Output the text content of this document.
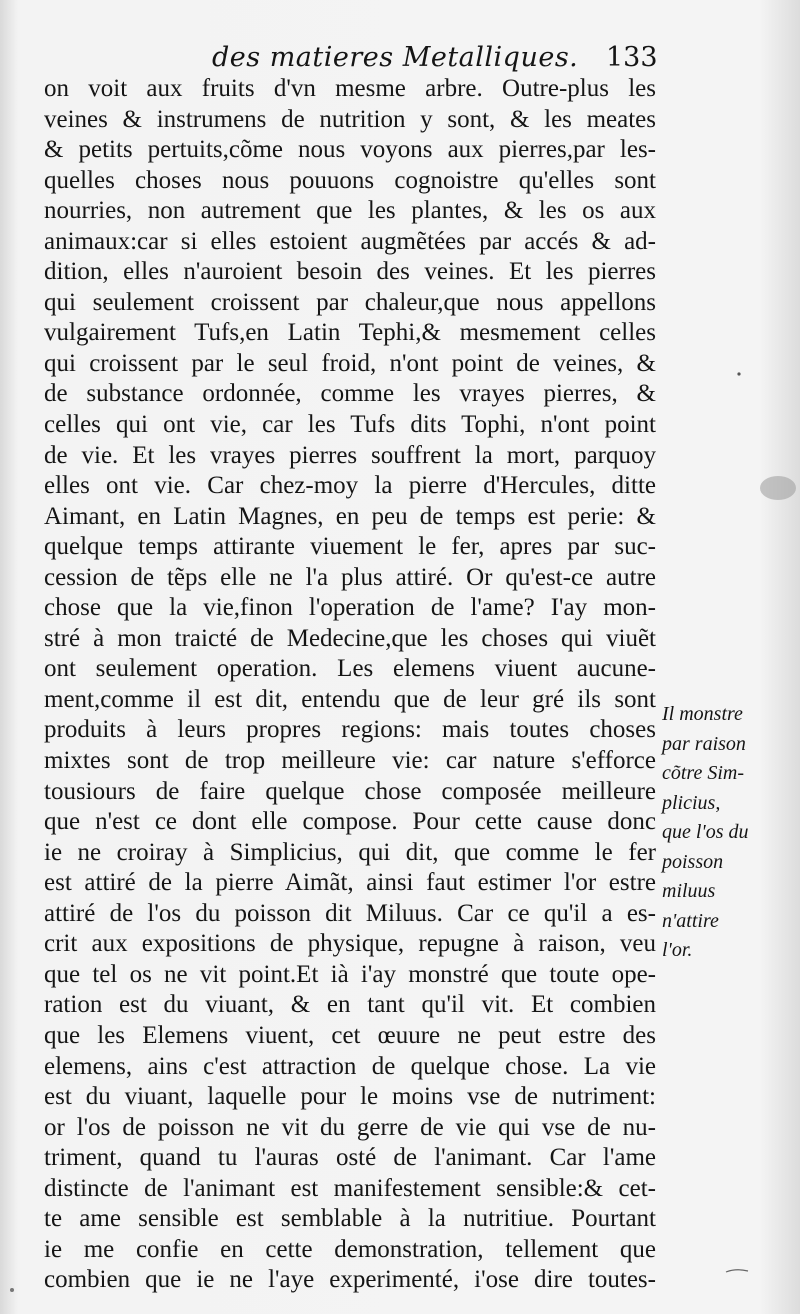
des matieres Metalliques. 133
on voit aux fruits d'vn mesme arbre. Outre-plus les
veines & instrumens de nutrition y sont, & les meates
& petits pertuits,cõme nous voyons aux pierres,par les-
quelles choses nous pouuons cognoistre qu'elles sont
nourries, non autrement que les plantes, & les os aux
animaux:car si elles estoient augmẽtées par accés & ad-
dition, elles n'auroient besoin des veines. Et les pierres
qui seulement croissent par chaleur,que nous appellons
vulgairement Tufs,en Latin Tephi,& mesmement celles
qui croissent par le seul froid, n'ont point de veines, &
de substance ordonnée, comme les vrayes pierres, &
celles qui ont vie, car les Tufs dits Tophi, n'ont point
de vie. Et les vrayes pierres souffrent la mort, parquoy
elles ont vie. Car chez-moy la pierre d'Hercules, ditte
Aimant, en Latin Magnes, en peu de temps est perie: &
quelque temps attirante viuement le fer, apres par suc-
cession de tẽps elle ne l'a plus attiré. Or qu'est-ce autre
chose que la vie,finon l'operation de l'ame? I'ay mon-
stré à mon traicté de Medecine,que les choses qui viuẽt
ont seulement operation. Les elemens viuent aucune-
ment,comme il est dit, entendu que de leur gré ils sont
produits à leurs propres regions: mais toutes choses
mixtes sont de trop meilleure vie: car nature s'efforce
tousiours de faire quelque chose composée meilleure
que n'est ce dont elle compose. Pour cette cause donc
ie ne croiray à Simplicius, qui dit, que comme le fer
est attiré de la pierre Aimãt, ainsi faut estimer l'or estre
attiré de l'os du poisson dit Miluus. Car ce qu'il a es-
crit aux expositions de physique, repugne à raison, veu
que tel os ne vit point.Et ià i'ay monstré que toute ope-
ration est du viuant, & en tant qu'il vit. Et combien
que les Elemens viuent, cet œuure ne peut estre des
elemens, ains c'est attraction de quelque chose. La vie
est du viuant, laquelle pour le moins vse de nutriment:
or l'os de poisson ne vit du gerre de vie qui vse de nu-
triment, quand tu l'auras osté de l'animant. Car l'ame
distincte de l'animant est manifestement sensible:& cet-
te ame sensible est semblable à la nutritiue. Pourtant
ie me confie en cette demonstration, tellement que
combien que ie ne l'aye experimenté, i'ose dire toutes-
Il monstre
par raison
cõtre Sim-
plicius,
que l'os du
poisson
miluus
n'attire
l'or.
